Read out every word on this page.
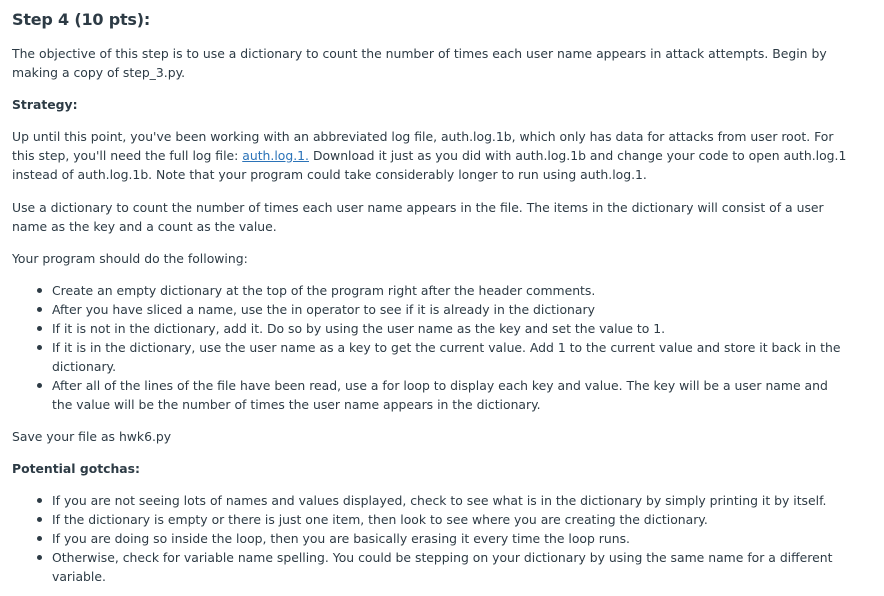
Step 4 (10 pts):

The objective of this step is to use a dictionary to count the number of times each user name appears in attack attempts. Begin by making a copy of step_3.py.

Strategy:

Up until this point, you've been working with an abbreviated log file, auth.log.1b, which only has data for attacks from user root. For this step, you'll need the full log file: auth.log.1. Download it just as you did with auth.log.1b and change your code to open auth.log.1 instead of auth.log.1b. Note that your program could take considerably longer to run using auth.log.1.

Use a dictionary to count the number of times each user name appears in the file. The items in the dictionary will consist of a user name as the key and a count as the value.

Your program should do the following:

Create an empty dictionary at the top of the program right after the header comments.
After you have sliced a name, use the in operator to see if it is already in the dictionary
If it is not in the dictionary, add it. Do so by using the user name as the key and set the value to 1.
If it is in the dictionary, use the user name as a key to get the current value. Add 1 to the current value and store it back in the dictionary.
After all of the lines of the file have been read, use a for loop to display each key and value. The key will be a user name and the value will be the number of times the user name appears in the dictionary.

Save your file as hwk6.py

Potential gotchas:

If you are not seeing lots of names and values displayed, check to see what is in the dictionary by simply printing it by itself.
If the dictionary is empty or there is just one item, then look to see where you are creating the dictionary.
If you are doing so inside the loop, then you are basically erasing it every time the loop runs.
Otherwise, check for variable name spelling. You could be stepping on your dictionary by using the same name for a different variable.
